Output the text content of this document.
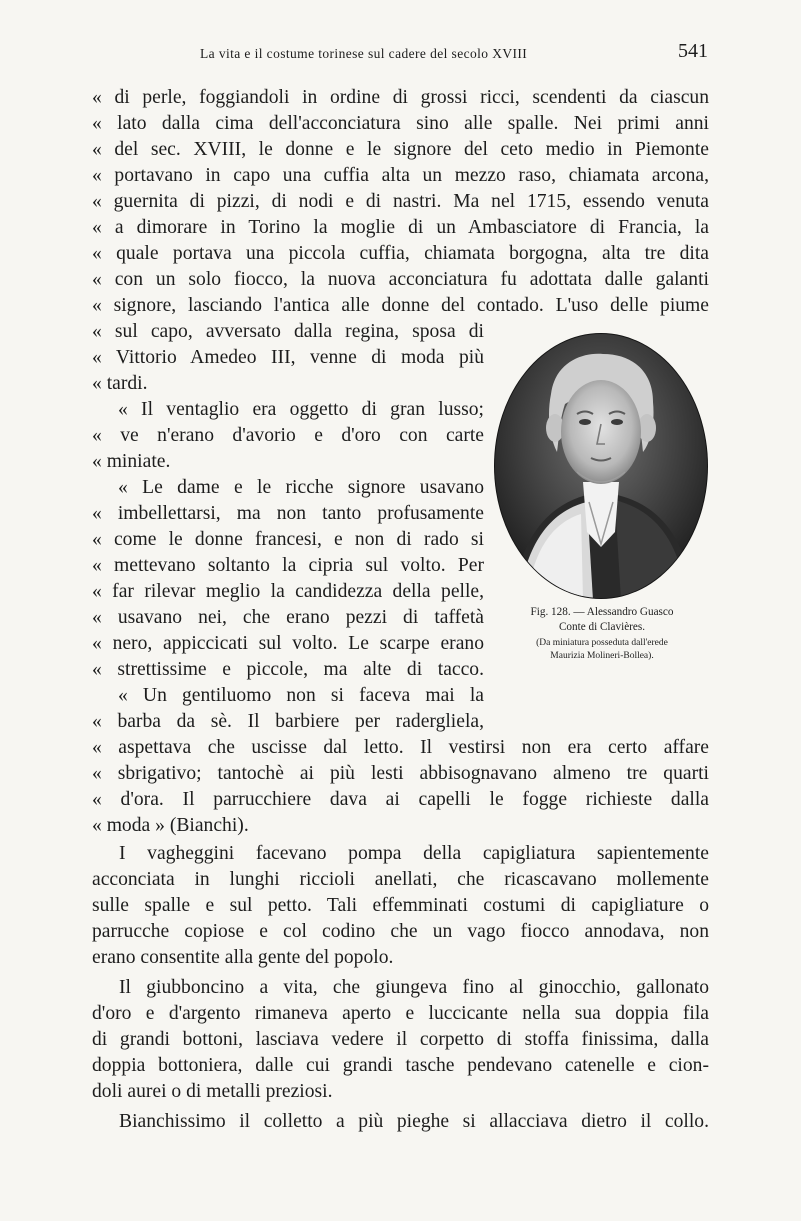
La vita e il costume torinese sul cadere del secolo XVIII	541
« di perle, foggiandoli in ordine di grossi ricci, scendenti da ciascun
« lato dalla cima dell'acconciatura sino alle spalle. Nei primi anni
« del sec. XVIII, le donne e le signore del ceto medio in Piemonte
« portavano in capo una cuffia alta un mezzo raso, chiamata arcona,
« guernita di pizzi, di nodi e di nastri. Ma nel 1715, essendo venuta
« a dimorare in Torino la moglie di un Ambasciatore di Francia, la
« quale portava una piccola cuffia, chiamata borgogna, alta tre dita
« con un solo fiocco, la nuova acconciatura fu adottata dalle galanti
« signore, lasciando l'antica alle donne del contado. L'uso delle piume
« sul capo, avversato dalla regina, sposa di
« Vittorio Amedeo III, venne di moda più
« tardi.
« Il ventaglio era oggetto di gran lusso;
« ve n'erano d'avorio e d'oro con carte
« miniate.
« Le dame e le ricche signore usavano
« imbellettarsi, ma non tanto profusamente
« come le donne francesi, e non di rado si
« mettevano soltanto la cipria sul volto. Per
« far rilevar meglio la candidezza della pelle,
« usavano nei, che erano pezzi di taffetà
« nero, appiccicati sul volto. Le scarpe erano
« strettissime e piccole, ma alte di tacco.
« Un gentiluomo non si faceva mai la
« barba da sè. Il barbiere per radergliela,
« aspettava che uscisse dal letto. Il vestirsi non era certo affare
« sbrigativo; tantochè ai più lesti abbisognavano almeno tre quarti
« d'ora. Il parrucchiere dava ai capelli le fogge richieste dalla
« moda » (Bianchi).
I vagheggini facevano pompa della capigliatura sapientemente
acconciata in lunghi riccioli anellati, che ricascavano mollemente
sulle spalle e sul petto. Tali effemminati costumi di capigliature o
parrucche copiose e col codino che un vago fiocco annodava, non
erano consentite alla gente del popolo.
Il giubboncino a vita, che giungeva fino al ginocchio, gallonato
d'oro e d'argento rimaneva aperto e luccicante nella sua doppia fila
di grandi bottoni, lasciava vedere il corpetto di stoffa finissima, dalla
doppia bottoniera, dalle cui grandi tasche pendevano catenelle e cion-
doli aurei o di metalli preziosi.
Bianchissimo il colletto a più pieghe si allacciava dietro il collo.
Fig. 128. — Alessandro Guasco
Conte di Clavières.
(Da miniatura posseduta dall'erede
Maurizia Molineri-Bollea).
